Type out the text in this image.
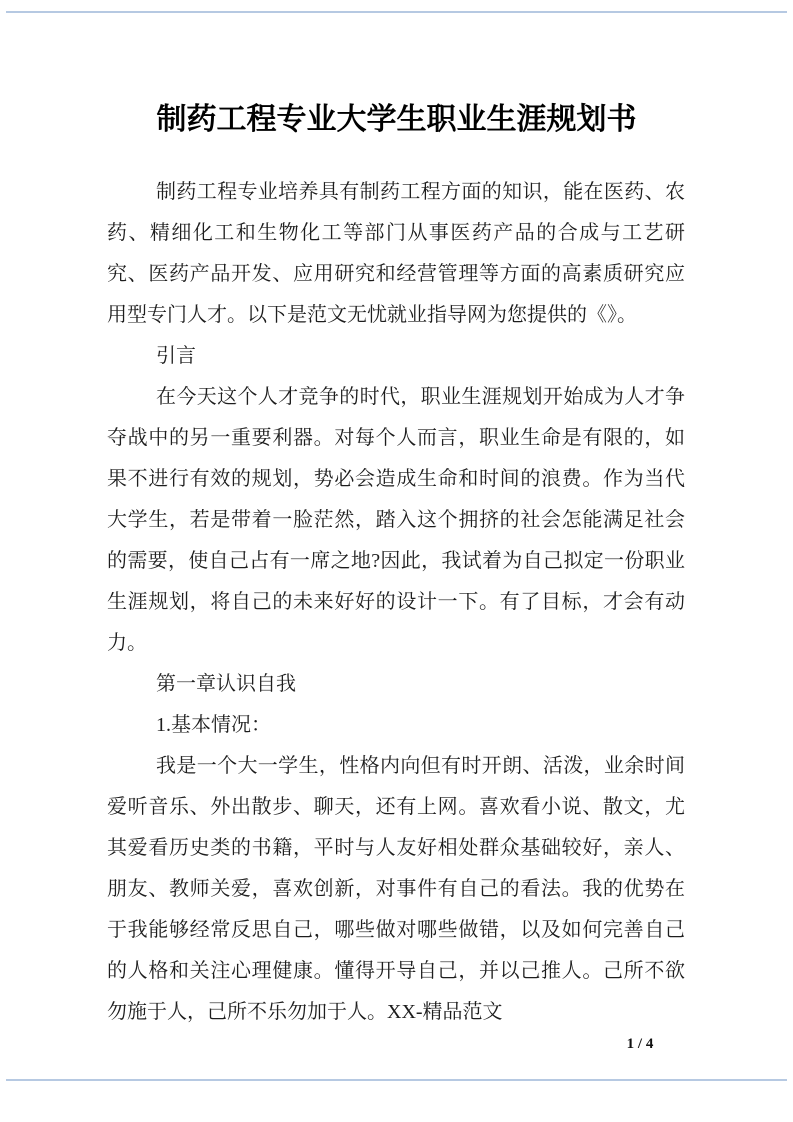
制药工程专业大学生职业生涯规划书

制药工程专业培养具有制药工程方面的知识，能在医药、农药、精细化工和生物化工等部门从事医药产品的合成与工艺研究、医药产品开发、应用研究和经营管理等方面的高素质研究应用型专门人才。以下是范文无忧就业指导网为您提供的《》。

引言

在今天这个人才竞争的时代，职业生涯规划开始成为人才争夺战中的另一重要利器。对每个人而言，职业生命是有限的，如果不进行有效的规划，势必会造成生命和时间的浪费。作为当代大学生，若是带着一脸茫然，踏入这个拥挤的社会怎能满足社会的需要，使自己占有一席之地?因此，我试着为自己拟定一份职业生涯规划，将自己的未来好好的设计一下。有了目标，才会有动力。

第一章认识自我

1.基本情况：

我是一个大一学生，性格内向但有时开朗、活泼，业余时间爱听音乐、外出散步、聊天，还有上网。喜欢看小说、散文，尤其爱看历史类的书籍，平时与人友好相处群众基础较好，亲人、朋友、教师关爱，喜欢创新，对事件有自己的看法。我的优势在于我能够经常反思自己，哪些做对哪些做错，以及如何完善自己的人格和关注心理健康。懂得开导自己，并以己推人。己所不欲勿施于人，己所不乐勿加于人。XX-精品范文

1 / 4
